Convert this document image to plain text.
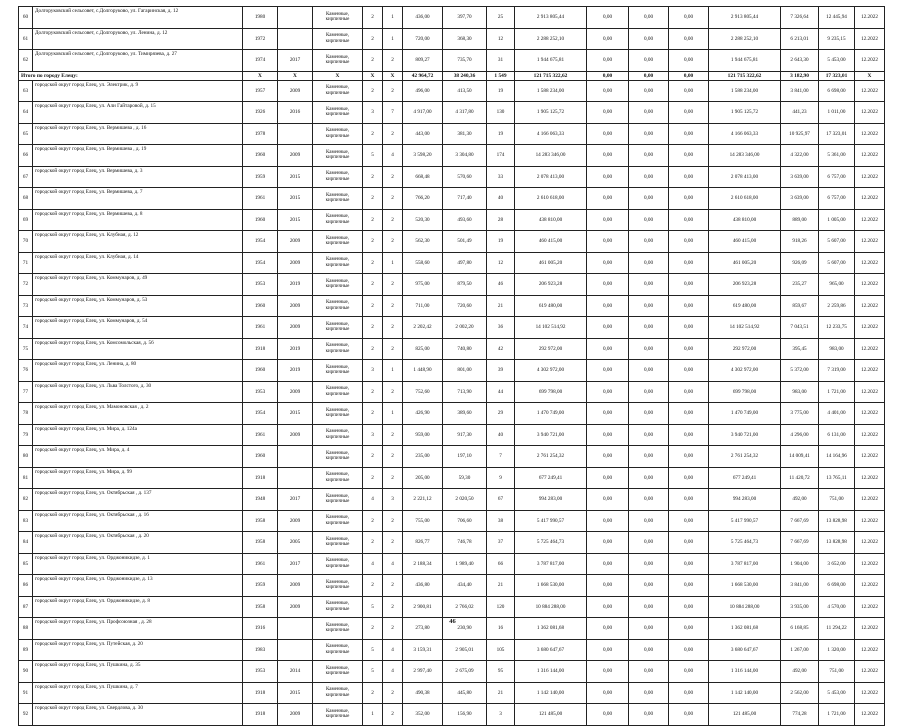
60	Долгоруковский сельсовет, с.Долгоруково, ул. Гагаринская, д. 12	1980		Каменные, кирпичные	2	1	436,00	397,70	25	2 913 805,44	0,00	0,00	0,00	2 913 805,44	7 326,64	12 445,94	12.2022
61	Долгоруковский сельсовет, с.Долгоруково, ул. Ленина, д. 12	1972		Каменные, кирпичные	2	1	720,00	368,30	12	2 288 252,10	0,00	0,00	0,00	2 288 252,10	6 213,01	9 235,15	12.2022
62	Долгоруковский сельсовет, с.Долгоруково, ул. Тимирязева, д. 27	1974	2017	Каменные, кирпичные	2	2	809,27	735,70	31	1 944 675,81	0,00	0,00	0,00	1 944 675,81	2 643,30	5 453,00	12.2022
Итого по городу Елецу:		X	X	X	X	X	42 964,72	38 240,36	1 549	121 715 322,62	0,00	0,00	0,00	121 715 322,62	3 182,90	17 323,01	X
63	городской округ город Елец, ул. Электрик, д. 9	1957	2009	Каменные, кирпичные	2	2	496,00	413,50	19	1 588 234,00	0,00	0,00	0,00	1 588 234,00	3 841,00	6 698,00	12.2022
64	городской округ город Елец, ул. Али Гайтаровой, д. 15	1926	2016	Каменные, кирпичные	3	7	4 917,00	4 317,80	130	1 905 125,72	0,00	0,00	0,00	1 905 125,72	441,23	1 011,00	12.2022
65	городской округ город Елец, ул. Вермишева , д. 16	1978		Каменные, кирпичные	2	2	443,00	381,30	19	4 166 063,33	0,00	0,00	0,00	4 166 063,33	10 925,97	17 323,01	12.2022
66	городской округ город Елец, ул. Вермишева , д. 19	1960	2009	Каменные, кирпичные	5	4	3 598,20	3 304,80	174	14 283 346,00	0,00	0,00	0,00	14 283 346,00	4 322,00	5 361,00	12.2022
67	городской округ город Елец, ул. Вермишева, д. 3	1959	2015	Каменные, кирпичные	2	2	668,48	570,60	33	2 078 413,00	0,00	0,00	0,00	2 078 413,00	3 639,00	6 757,00	12.2022
68	городской округ город Елец, ул. Вермишева, д. 7	1961	2015	Каменные, кирпичные	2	2	766,20	717,40	40	2 610 618,00	0,00	0,00	0,00	2 610 618,00	3 639,00	6 757,00	12.2022
69	городской округ город Елец, ул. Вермишева, д. 8	1960	2015	Каменные, кирпичные	2	2	520,30	493,60	28	438 810,00	0,00	0,00	0,00	438 810,00	889,00	1 005,00	12.2022
70	городской округ город Елец, ул. Клубная, д. 12	1954	2009	Каменные, кирпичные	2	2	562,30	501,49	19	460 415,00	0,00	0,00	0,00	460 415,00	918,26	5 607,00	12.2022
71	городской округ город Елец, ул. Клубная, д. 14	1954	2009	Каменные, кирпичные	2	1	558,60	497,80	12	461 005,20	0,00	0,00	0,00	461 005,20	926,09	5 607,00	12.2022
72	городской округ город Елец, ул. Коммунаров, д. 49	1953	2019	Каменные, кирпичные	2	2	975,00	879,50	46	206 923,28	0,00	0,00	0,00	206 923,28	235,27	965,00	12.2022
73	городской округ город Елец, ул. Коммунаров, д. 53	1960	2009	Каменные, кирпичные	2	2	711,00	720,60	21	619 480,00	0,00	0,00	0,00	619 480,00	859,67	2 259,86	12.2022
74	городской округ город Елец, ул. Коммунаров, д. 54	1961	2009	Каменные, кирпичные	2	2	2 202,42	2 002,20	36	14 102 514,92	0,00	0,00	0,00	14 102 514,92	7 043,51	12 233,75	12.2022
75	городской округ город Елец, ул. Комсомольская, д. 56	1918	2019	Каменные, кирпичные	2	2	825,00	740,80	42	292 972,00	0,00	0,00	0,00	292 972,00	395,45	983,00	12.2022
76	городской округ город Елец, ул. Ленина, д. 80	1960	2019	Каменные, кирпичные	3	1	1 448,90	801,00	39	4 302 972,00	0,00	0,00	0,00	4 302 972,00	5 372,00	7 319,00	12.2022
77	городской округ город Елец, ул. Льва Толстого, д. 30	1953	2009	Каменные, кирпичные	2	2	752,60	713,90	44	699 798,00	0,00	0,00	0,00	699 798,00	983,00	1 721,00	12.2022
78	городской округ город Елец, ул. Мамоновская , д. 2	1954	2015	Каменные, кирпичные	2	1	426,90	389,60	29	1 470 749,00	0,00	0,00	0,00	1 470 749,00	3 775,00	4 401,00	12.2022
79	городской округ город Елец, ул. Мира, д. 124а	1961	2009	Каменные, кирпичные	3	2	959,00	917,30	40	3 940 721,00	0,00	0,00	0,00	3 940 721,00	4 296,00	6 131,00	12.2022
80	городской округ город Елец, ул. Мира, д. 4	1960		Каменные, кирпичные	2	2	235,00	197,10	7	2 761 254,32	0,00	0,00	0,00	2 761 254,32	14 009,41	14 164,96	12.2022
81	городской округ город Елец, ул. Мира, д. 99	1918		Каменные, кирпичные	2	2	205,00	59,30	9	677 249,41	0,00	0,00	0,00	677 249,41	11 420,72	13 765,11	12.2022
82	городской округ город Елец, ул. Октябрьская , д. 137	1948	2017	Каменные, кирпичные	4	3	2 221,12	2 020,50	67	994 283,00	0,00	0,00	0,00	994 283,00	492,00	751,00	12.2022
83	городской округ город Елец, ул. Октябрьская , д. 16	1958	2009	Каменные, кирпичные	2	2	755,00	706,60	38	5 417 990,57	0,00	0,00	0,00	5 417 990,57	7 667,69	13 828,98	12.2022
84	городской округ город Елец, ул. Октябрьская , д. 20	1958	2005	Каменные, кирпичные	2	2	826,77	746,78	37	5 725 464,73	0,00	0,00	0,00	5 725 464,73	7 667,69	13 828,98	12.2022
85	городской округ город Елец, ул. Орджоникидзе, д. 1	1961	2017	Каменные, кирпичные	4	4	2 188,34	1 989,40	66	3 787 817,00	0,00	0,00	0,00	3 787 817,00	1 904,00	3 652,00	12.2022
86	городской округ город Елец, ул. Орджоникидзе, д. 13	1959	2009	Каменные, кирпичные	2	2	436,80	434,40	21	1 668 530,00	0,00	0,00	0,00	1 668 530,00	3 841,00	6 698,00	12.2022
87	городской округ город Елец, ул. Орджоникидзе, д. 8	1958	2009	Каменные, кирпичные	5	2	2 900,81	2 766,02	120	10 884 288,00	0,00	0,00	0,00	10 884 288,00	3 935,00	4 570,00	12.2022
88	городской округ город Елец, ул. Профсоюзная , д. 28	1916		Каменные, кирпичные	2	2	273,80	230,90	16	1 362 081,68	0,00	0,00	0,00	1 362 081,68	6 168,85	11 294,22	12.2022
89	городской округ город Елец, ул. Путейская, д. 20	1983		Каменные, кирпичные	5	4	3 159,31	2 905,01	105	3 680 647,67	0,00	0,00	0,00	3 680 647,67	1 267,00	1 320,00	12.2022
90	городской округ город Елец, ул. Пушкина, д. 35	1953	2014	Каменные, кирпичные	5	4	2 997,40	2 675,09	95	1 316 144,00	0,00	0,00	0,00	1 316 144,00	492,00	751,00	12.2022
91	городской округ город Елец, ул. Пушкина, д. 7	1918	2015	Каменные, кирпичные	2	2	490,38	445,80	21	1 142 140,00	0,00	0,00	0,00	1 142 140,00	2 562,00	5 453,00	12.2022
92	городской округ город Елец, ул. Свердлова, д. 30	1918	2009	Каменные, кирпичные	1	2	352,00	156,90	3	121 485,00	0,00	0,00	0,00	121 485,00	774,28	1 721,00	12.2022
46
